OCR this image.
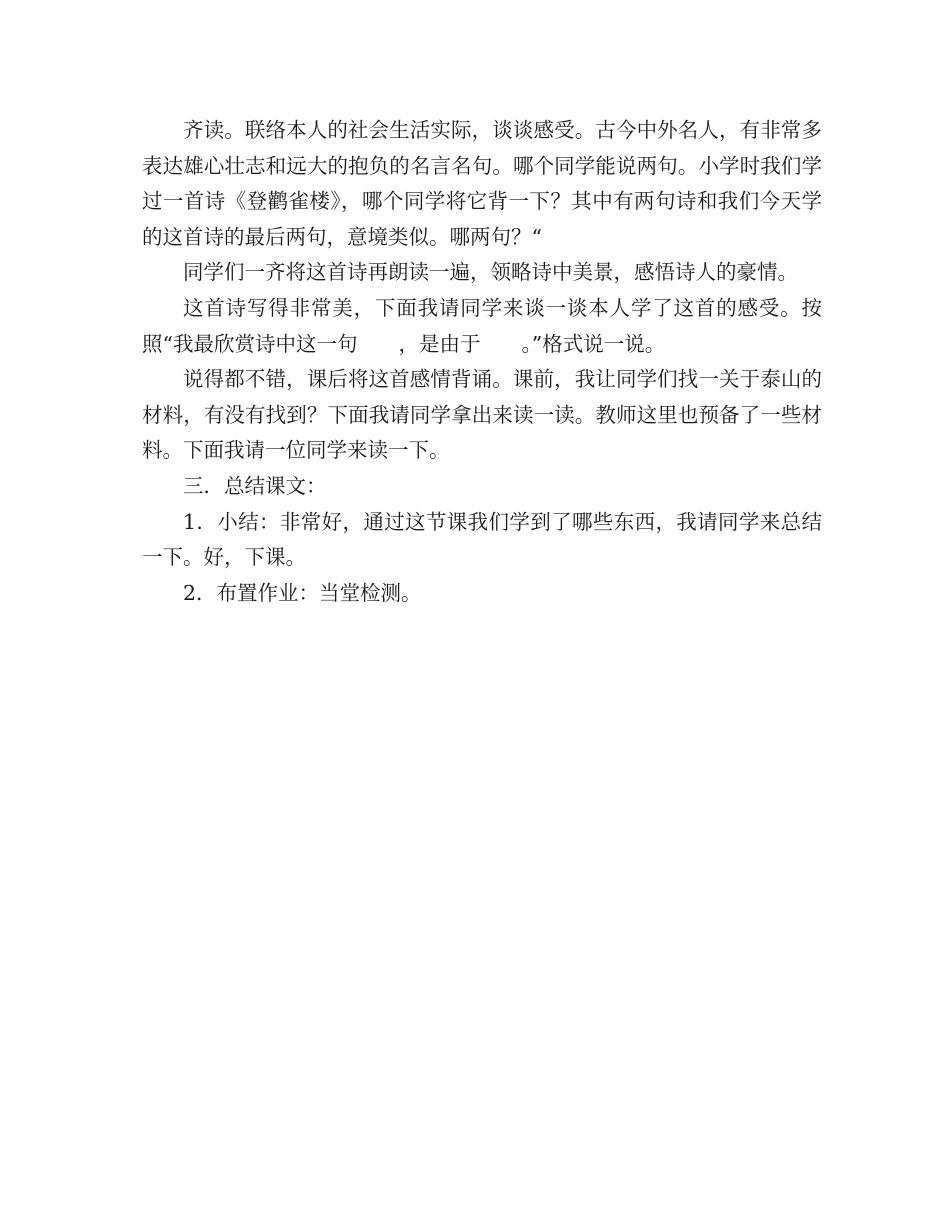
齐读。联络本人的社会生活实际，谈谈感受。古今中外名人，有非常多表达雄心壮志和远大的抱负的名言名句。哪个同学能说两句。小学时我们学过一首诗《登鹳雀楼》，哪个同学将它背一下？其中有两句诗和我们今天学的这首诗的最后两句，意境类似。哪两句？“

同学们一齐将这首诗再朗读一遍，领略诗中美景，感悟诗人的豪情。

这首诗写得非常美，下面我请同学来谈一谈本人学了这首的感受。按照“我最欣赏诗中这一句　　，是由于　　。”格式说一说。

说得都不错，课后将这首感情背诵。课前，我让同学们找一关于泰山的材料，有没有找到？下面我请同学拿出来读一读。教师这里也预备了一些材料。下面我请一位同学来读一下。

三．总结课文：

1．小结：非常好，通过这节课我们学到了哪些东西，我请同学来总结一下。好，下课。

2．布置作业：当堂检测。
